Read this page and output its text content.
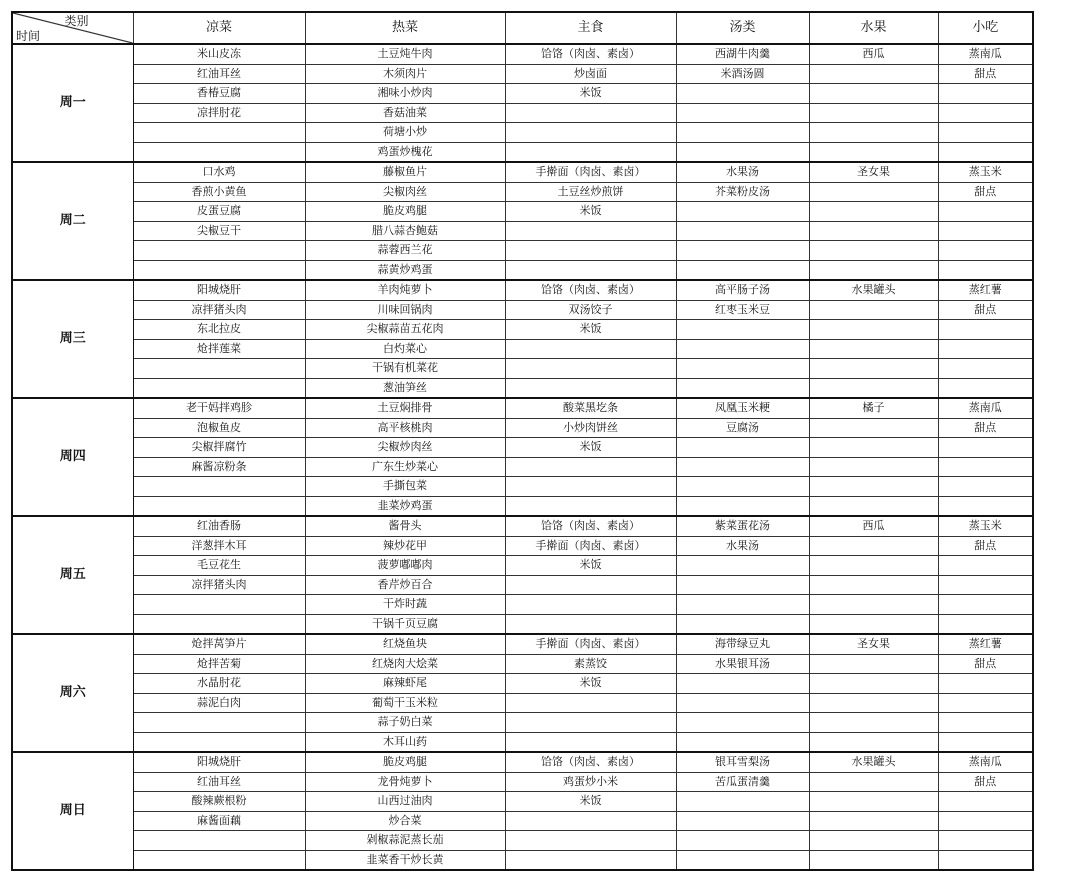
类别
时间	凉菜	热菜	主食	汤类	水果	小吃
周一	米山皮冻	土豆炖牛肉	饸饹（肉卤、素卤）	西湖牛肉羹	西瓜	蒸南瓜
	红油耳丝	木须肉片	炒卤面	米酒汤圆		甜点
	香椿豆腐	湘味小炒肉	米饭			
	凉拌肘花	香菇油菜				
		荷塘小炒				
		鸡蛋炒槐花				
周二	口水鸡	藤椒鱼片	手擀面（肉卤、素卤）	水果汤	圣女果	蒸玉米
	香煎小黄鱼	尖椒肉丝	土豆丝炒煎饼	芥菜粉皮汤		甜点
	皮蛋豆腐	脆皮鸡腿	米饭			
	尖椒豆干	腊八蒜杏鲍菇				
		蒜蓉西兰花				
		蒜黄炒鸡蛋				
周三	阳城烧肝	羊肉炖萝卜	饸饹（肉卤、素卤）	高平肠子汤	水果罐头	蒸红薯
	凉拌猪头肉	川味回锅肉	双汤饺子	红枣玉米豆		甜点
	东北拉皮	尖椒蒜苗五花肉	米饭			
	炝拌莲菜	白灼菜心				
		干锅有机菜花				
		葱油笋丝				
周四	老干妈拌鸡胗	土豆焖排骨	酸菜黑圪条	凤凰玉米粳	橘子	蒸南瓜
	泡椒鱼皮	高平核桃肉	小炒肉饼丝	豆腐汤		甜点
	尖椒拌腐竹	尖椒炒肉丝	米饭			
	麻酱凉粉条	广东生炒菜心				
		手撕包菜				
		韭菜炒鸡蛋				
周五	红油香肠	酱骨头	饸饹（肉卤、素卤）	紫菜蛋花汤	西瓜	蒸玉米
	洋葱拌木耳	辣炒花甲	手擀面（肉卤、素卤）	水果汤		甜点
	毛豆花生	菠萝嘟嘟肉	米饭			
	凉拌猪头肉	香芹炒百合				
		干炸时蔬				
		干锅千页豆腐				
周六	炝拌莴笋片	红烧鱼块	手擀面（肉卤、素卤）	海带绿豆丸	圣女果	蒸红薯
	炝拌苦菊	红烧肉大烩菜	素蒸饺	水果银耳汤		甜点
	水晶肘花	麻辣虾尾	米饭			
	蒜泥白肉	葡萄干玉米粒				
		蒜子奶白菜				
		木耳山药				
周日	阳城烧肝	脆皮鸡腿	饸饹（肉卤、素卤）	银耳雪梨汤	水果罐头	蒸南瓜
	红油耳丝	龙骨炖萝卜	鸡蛋炒小米	苦瓜蛋清羹		甜点
	酸辣蕨根粉	山西过油肉	米饭			
	麻酱面藕	炒合菜				
		剁椒蒜泥蒸长茄				
		韭菜香干炒长黄				
